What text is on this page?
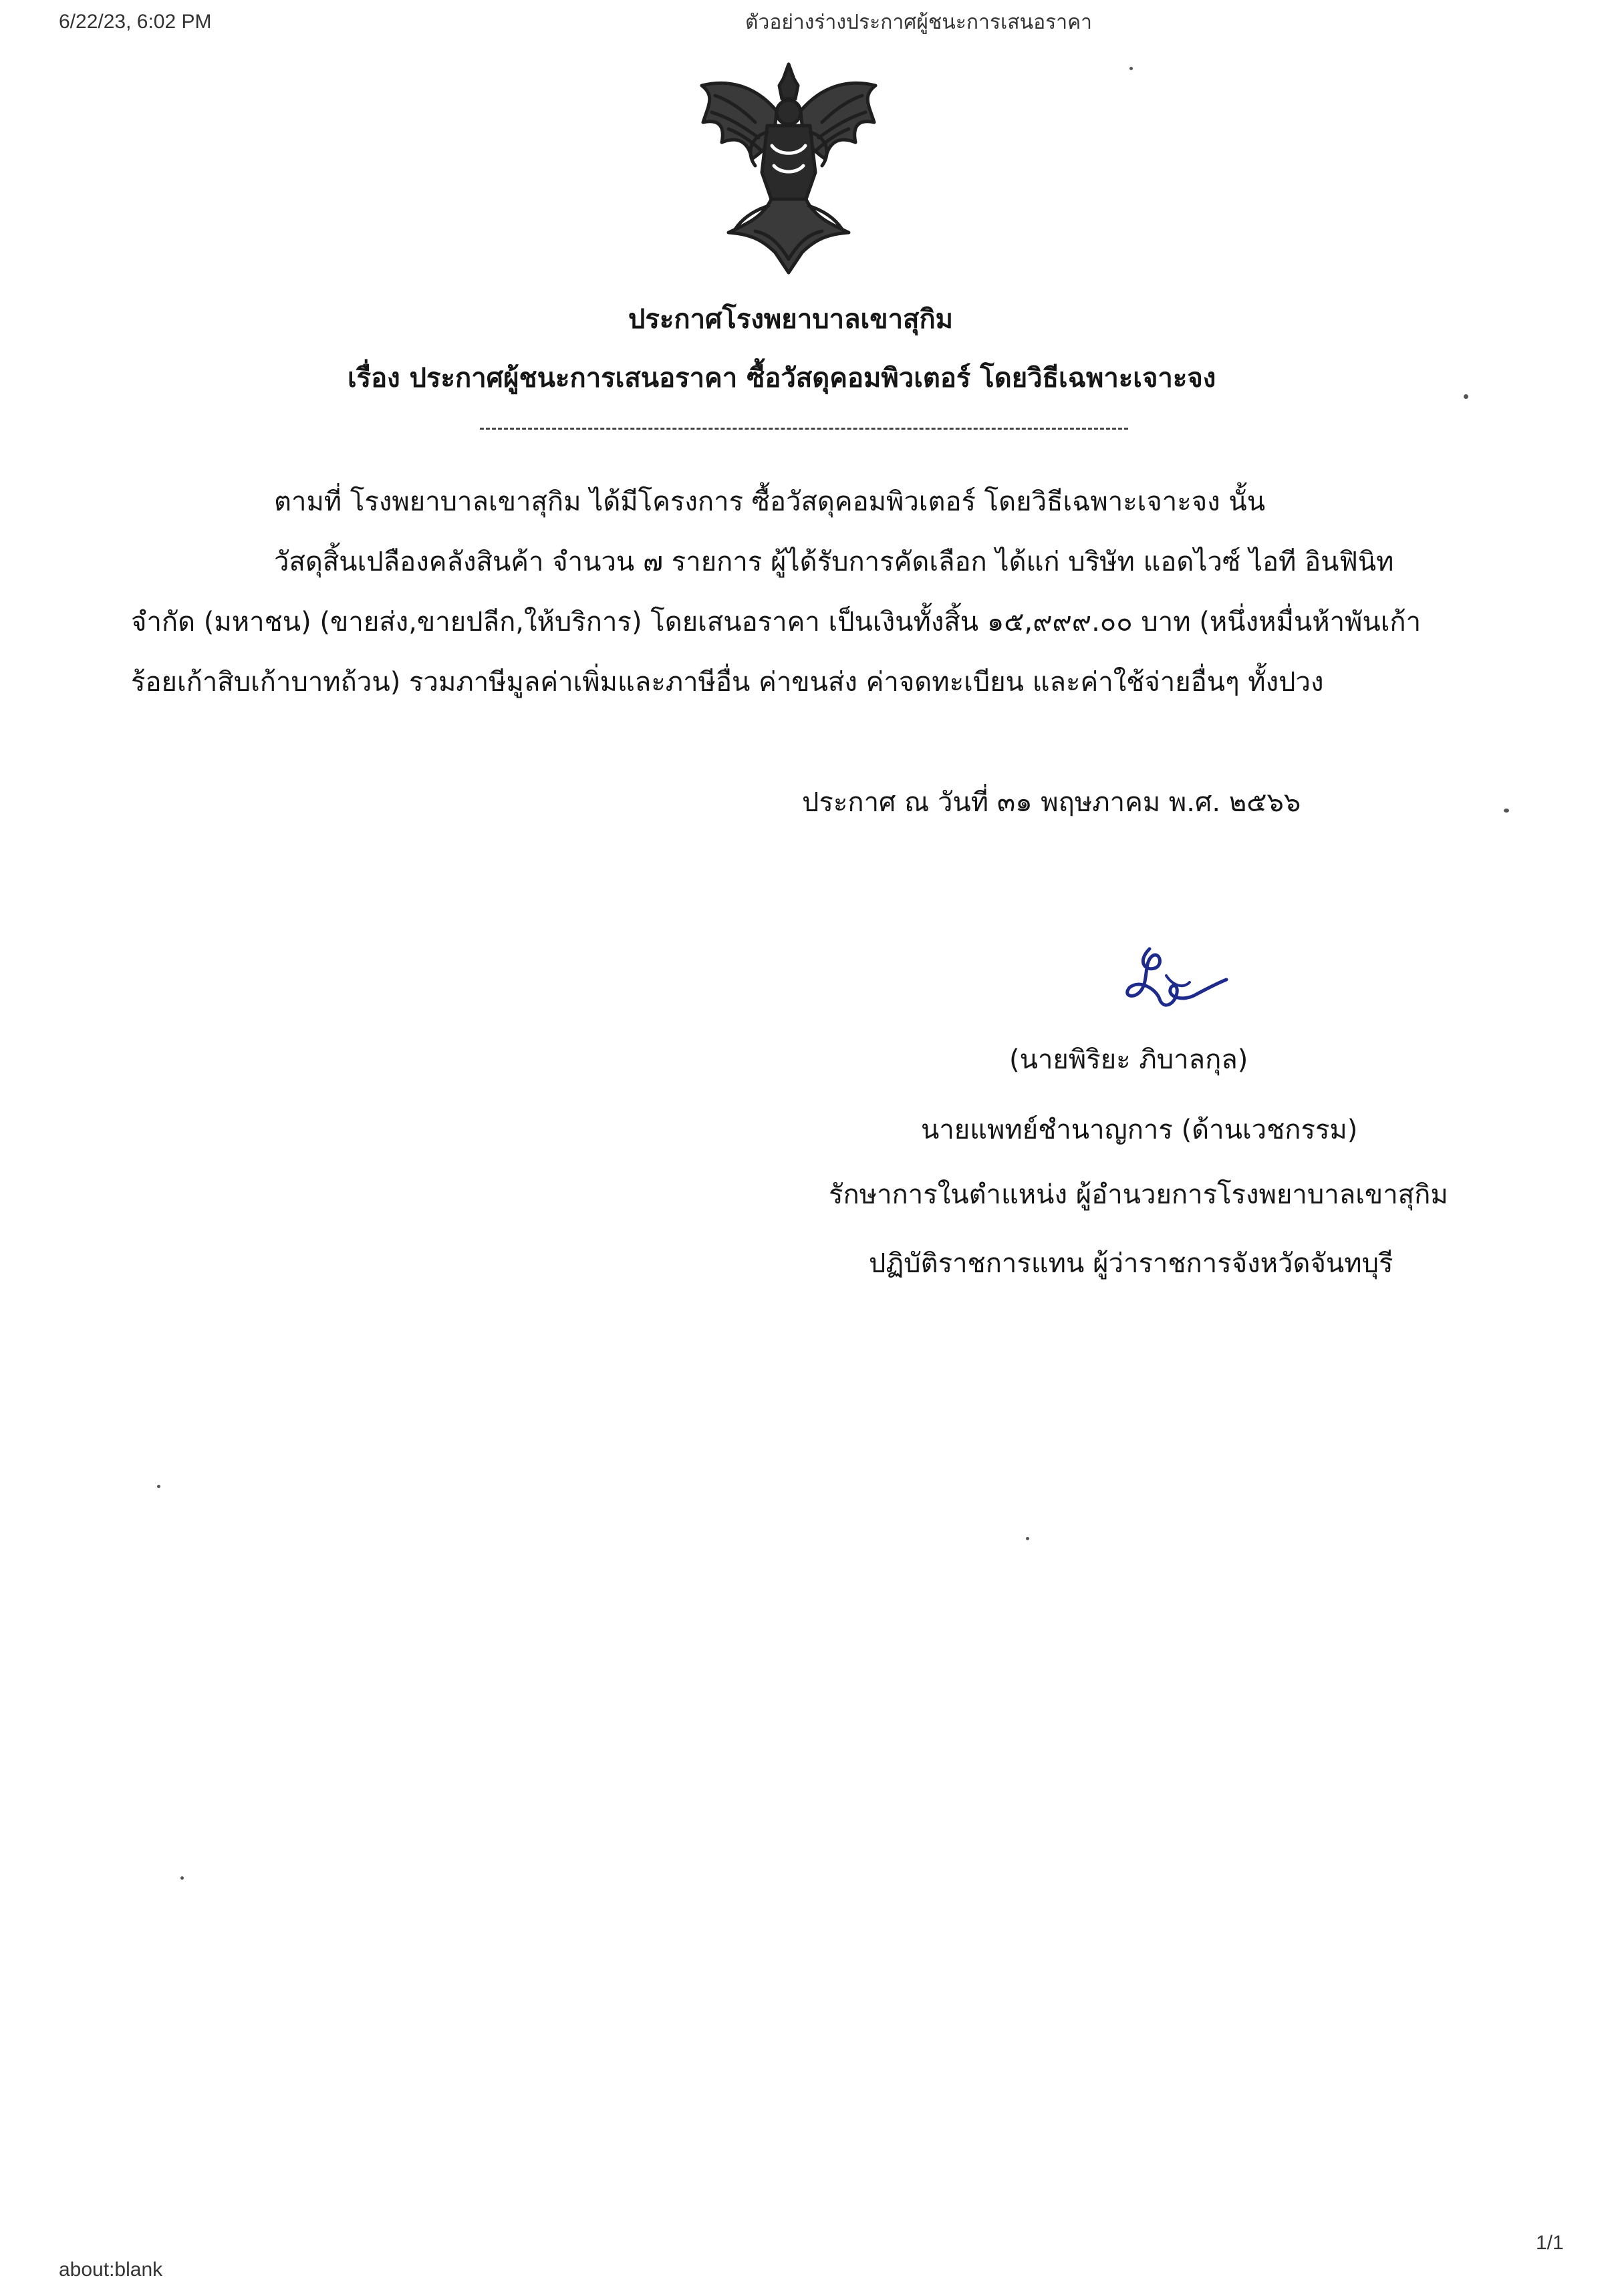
6/22/23, 6:02 PM	ตัวอย่างร่างประกาศผู้ชนะการเสนอราคา
ประกาศโรงพยาบาลเขาสุกิม
เรื่อง ประกาศผู้ชนะการเสนอราคา ซื้อวัสดุคอมพิวเตอร์ โดยวิธีเฉพาะเจาะจง
ตามที่ โรงพยาบาลเขาสุกิม ได้มีโครงการ ซื้อวัสดุคอมพิวเตอร์ โดยวิธีเฉพาะเจาะจง นั้น
วัสดุสิ้นเปลืองคลังสินค้า จำนวน ๗ รายการ ผู้ได้รับการคัดเลือก ได้แก่ บริษัท แอดไวซ์ ไอที อินฟินิท
จำกัด (มหาชน) (ขายส่ง,ขายปลีก,ให้บริการ) โดยเสนอราคา เป็นเงินทั้งสิ้น ๑๕,๙๙๙.๐๐ บาท (หนึ่งหมื่นห้าพันเก้า
ร้อยเก้าสิบเก้าบาทถ้วน) รวมภาษีมูลค่าเพิ่มและภาษีอื่น ค่าขนส่ง ค่าจดทะเบียน และค่าใช้จ่ายอื่นๆ ทั้งปวง
ประกาศ ณ วันที่ ๓๑ พฤษภาคม พ.ศ. ๒๕๖๖
(นายพิริยะ ภิบาลกุล)
นายแพทย์ชำนาญการ (ด้านเวชกรรม)
รักษาการในตำแหน่ง ผู้อำนวยการโรงพยาบาลเขาสุกิม
ปฏิบัติราชการแทน ผู้ว่าราชการจังหวัดจันทบุรี
about:blank
1/1
